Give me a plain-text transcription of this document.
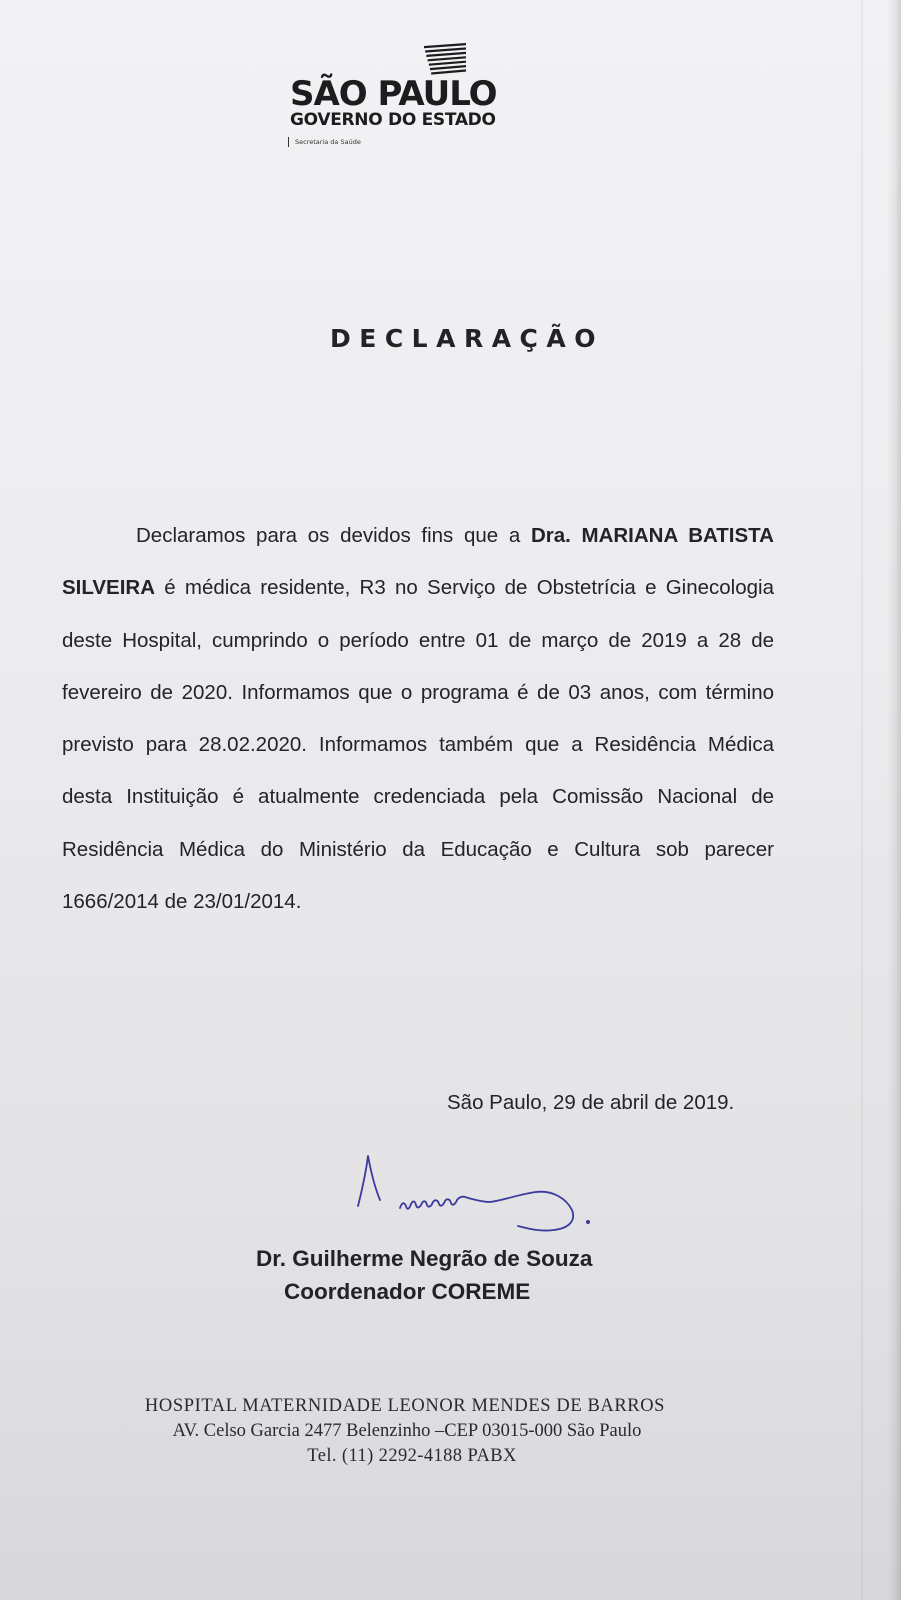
SÃO PAULO
GOVERNO DO ESTADO
Secretaria da Saúde
DECLARAÇÃO
Declaramos para os devidos fins que a Dra. MARIANA BATISTA SILVEIRA é médica residente, R3 no Serviço de Obstetrícia e Ginecologia deste Hospital, cumprindo o período entre 01 de março de 2019 a 28 de fevereiro de 2020. Informamos que o programa é de 03 anos, com término previsto para 28.02.2020. Informamos também que a Residência Médica desta Instituição é atualmente credenciada pela Comissão Nacional de Residência Médica do Ministério da Educação e Cultura sob parecer 1666/2014 de 23/01/2014.
São Paulo, 29 de abril de 2019.
Dr. Guilherme Negrão de Souza
Coordenador COREME
HOSPITAL MATERNIDADE LEONOR MENDES DE BARROS
AV. Celso Garcia 2477 Belenzinho –CEP 03015-000 São Paulo
Tel. (11) 2292-4188 PABX
